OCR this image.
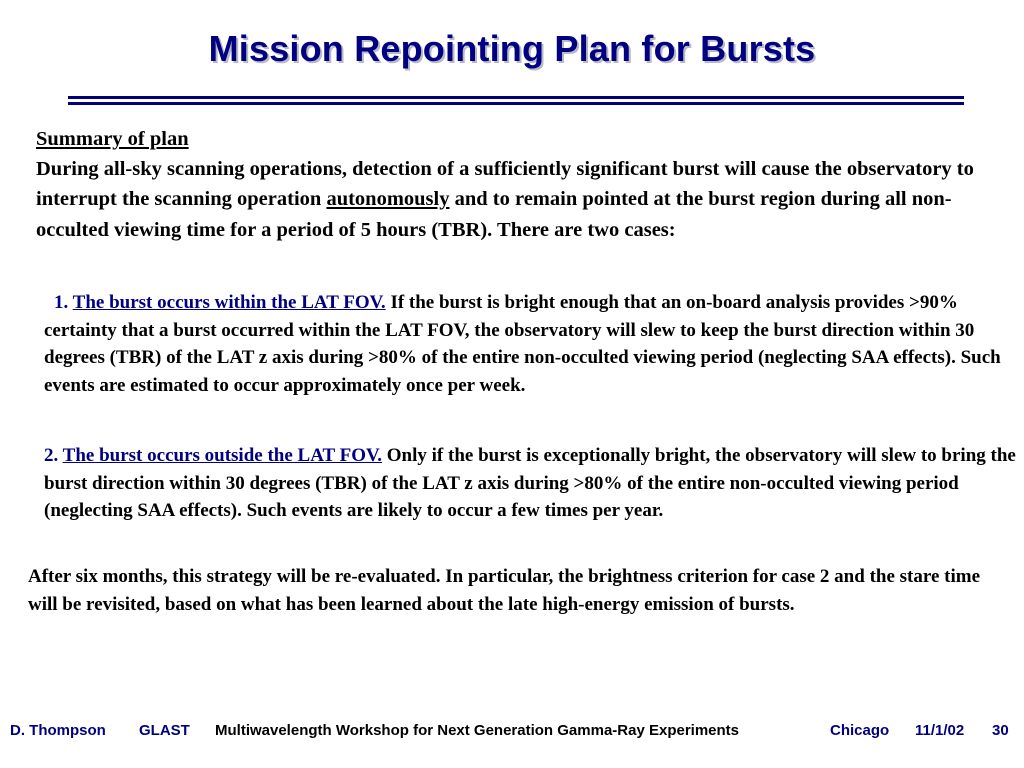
Mission Repointing Plan for Bursts
Summary of plan
During all-sky scanning operations, detection of a sufficiently significant burst will cause the observatory to interrupt the scanning operation autonomously and to remain pointed at the burst region during all non-occulted viewing time for a period of 5 hours (TBR). There are two cases:
1. The burst occurs within the LAT FOV. If the burst is bright enough that an on-board analysis provides >90% certainty that a burst occurred within the LAT FOV, the observatory will slew to keep the burst direction within 30 degrees (TBR) of the LAT z axis during >80% of the entire non-occulted viewing period (neglecting SAA effects). Such events are estimated to occur approximately once per week.
2. The burst occurs outside the LAT FOV. Only if the burst is exceptionally bright, the observatory will slew to bring the burst direction within 30 degrees (TBR) of the LAT z axis during >80% of the entire non-occulted viewing period (neglecting SAA effects). Such events are likely to occur a few times per year.
After six months, this strategy will be re-evaluated. In particular, the brightness criterion for case 2 and the stare time will be revisited, based on what has been learned about the late high-energy emission of bursts.
D. Thompson GLAST Multiwavelength Workshop for Next Generation Gamma-Ray Experiments	Chicago 11/1/02 30
